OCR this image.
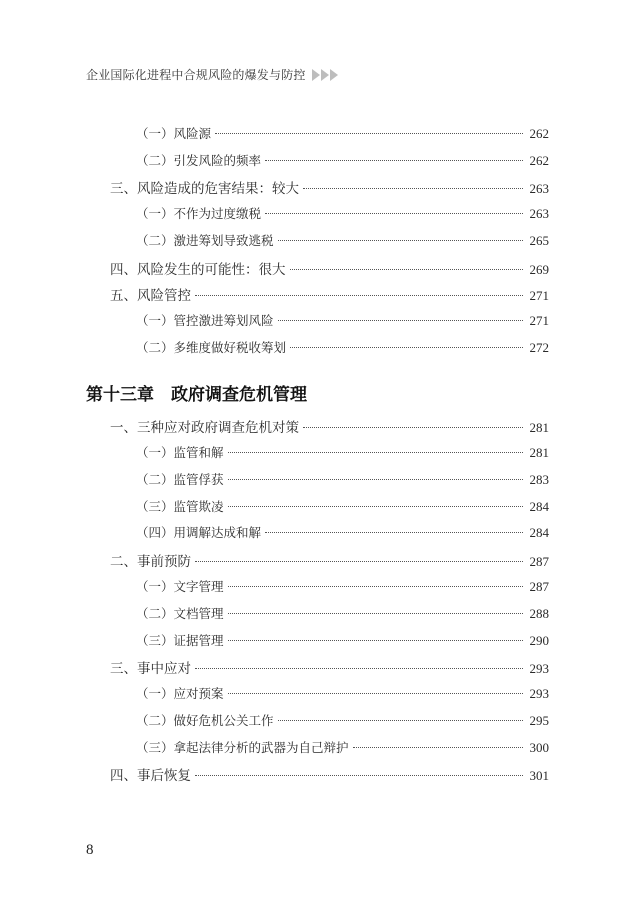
企业国际化进程中合规风险的爆发与防控
（一）风险源	262
（二）引发风险的频率	262
三、风险造成的危害结果：较大	263
（一）不作为过度缴税	263
（二）激进筹划导致逃税	265
四、风险发生的可能性：很大	269
五、风险管控	271
（一）管控激进筹划风险	271
（二）多维度做好税收筹划	272
第十三章　政府调查危机管理
一、三种应对政府调查危机对策	281
（一）监管和解	281
（二）监管俘获	283
（三）监管欺凌	284
（四）用调解达成和解	284
二、事前预防	287
（一）文字管理	287
（二）文档管理	288
（三）证据管理	290
三、事中应对	293
（一）应对预案	293
（二）做好危机公关工作	295
（三）拿起法律分析的武器为自己辩护	300
四、事后恢复	301
8
